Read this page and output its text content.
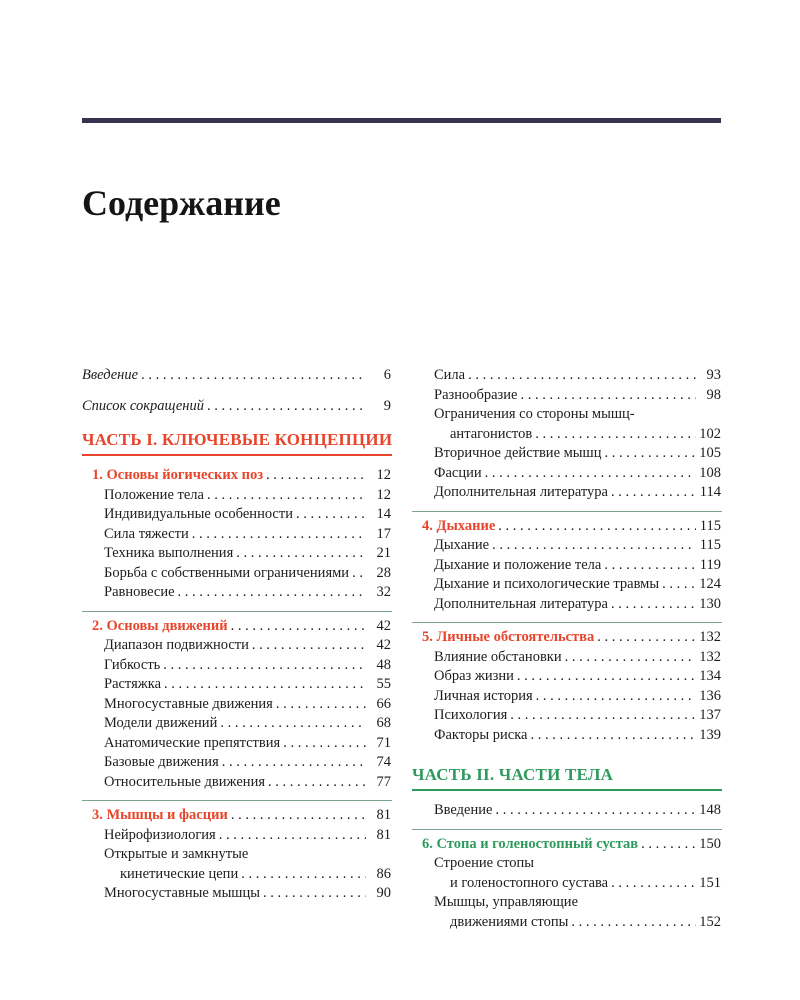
Содержание
Введение . . .	6
Список сокращений . . .	9
ЧАСТЬ I. КЛЮЧЕВЫЕ КОНЦЕПЦИИ
1. Основы йогических поз . . .	12
Положение тела . . .	12
Индивидуальные особенности . . .	14
Сила тяжести . . .	17
Техника выполнения . . .	21
Борьба с собственными ограничениями . . .	28
Равновесие . . .	32
2. Основы движений . . .	42
Диапазон подвижности . . .	42
Гибкость . . .	48
Растяжка . . .	55
Многосуставные движения . . .	66
Модели движений . . .	68
Анатомические препятствия . . .	71
Базовые движения . . .	74
Относительные движения . . .	77
3. Мышцы и фасции . . .	81
Нейрофизиология . . .	81
Открытые и замкнутые
кинетические цепи . . .	86
Многосуставные мышцы . . .	90
Сила . . .	93
Разнообразие . . .	98
Ограничения со стороны мышц-
антагонистов . . .	102
Вторичное действие мышц . . .	105
Фасции . . .	108
Дополнительная литература . . .	114
4. Дыхание . . .	115
Дыхание . . .	115
Дыхание и положение тела . . .	119
Дыхание и психологические травмы . . .	124
Дополнительная литература . . .	130
5. Личные обстоятельства . . .	132
Влияние обстановки . . .	132
Образ жизни . . .	134
Личная история . . .	136
Психология . . .	137
Факторы риска . . .	139
ЧАСТЬ II. ЧАСТИ ТЕЛА
Введение . . .	148
6. Стопа и голеностопный сустав . . .	150
Строение стопы
и голеностопного сустава . . .	151
Мышцы, управляющие
движениями стопы . . .	152
